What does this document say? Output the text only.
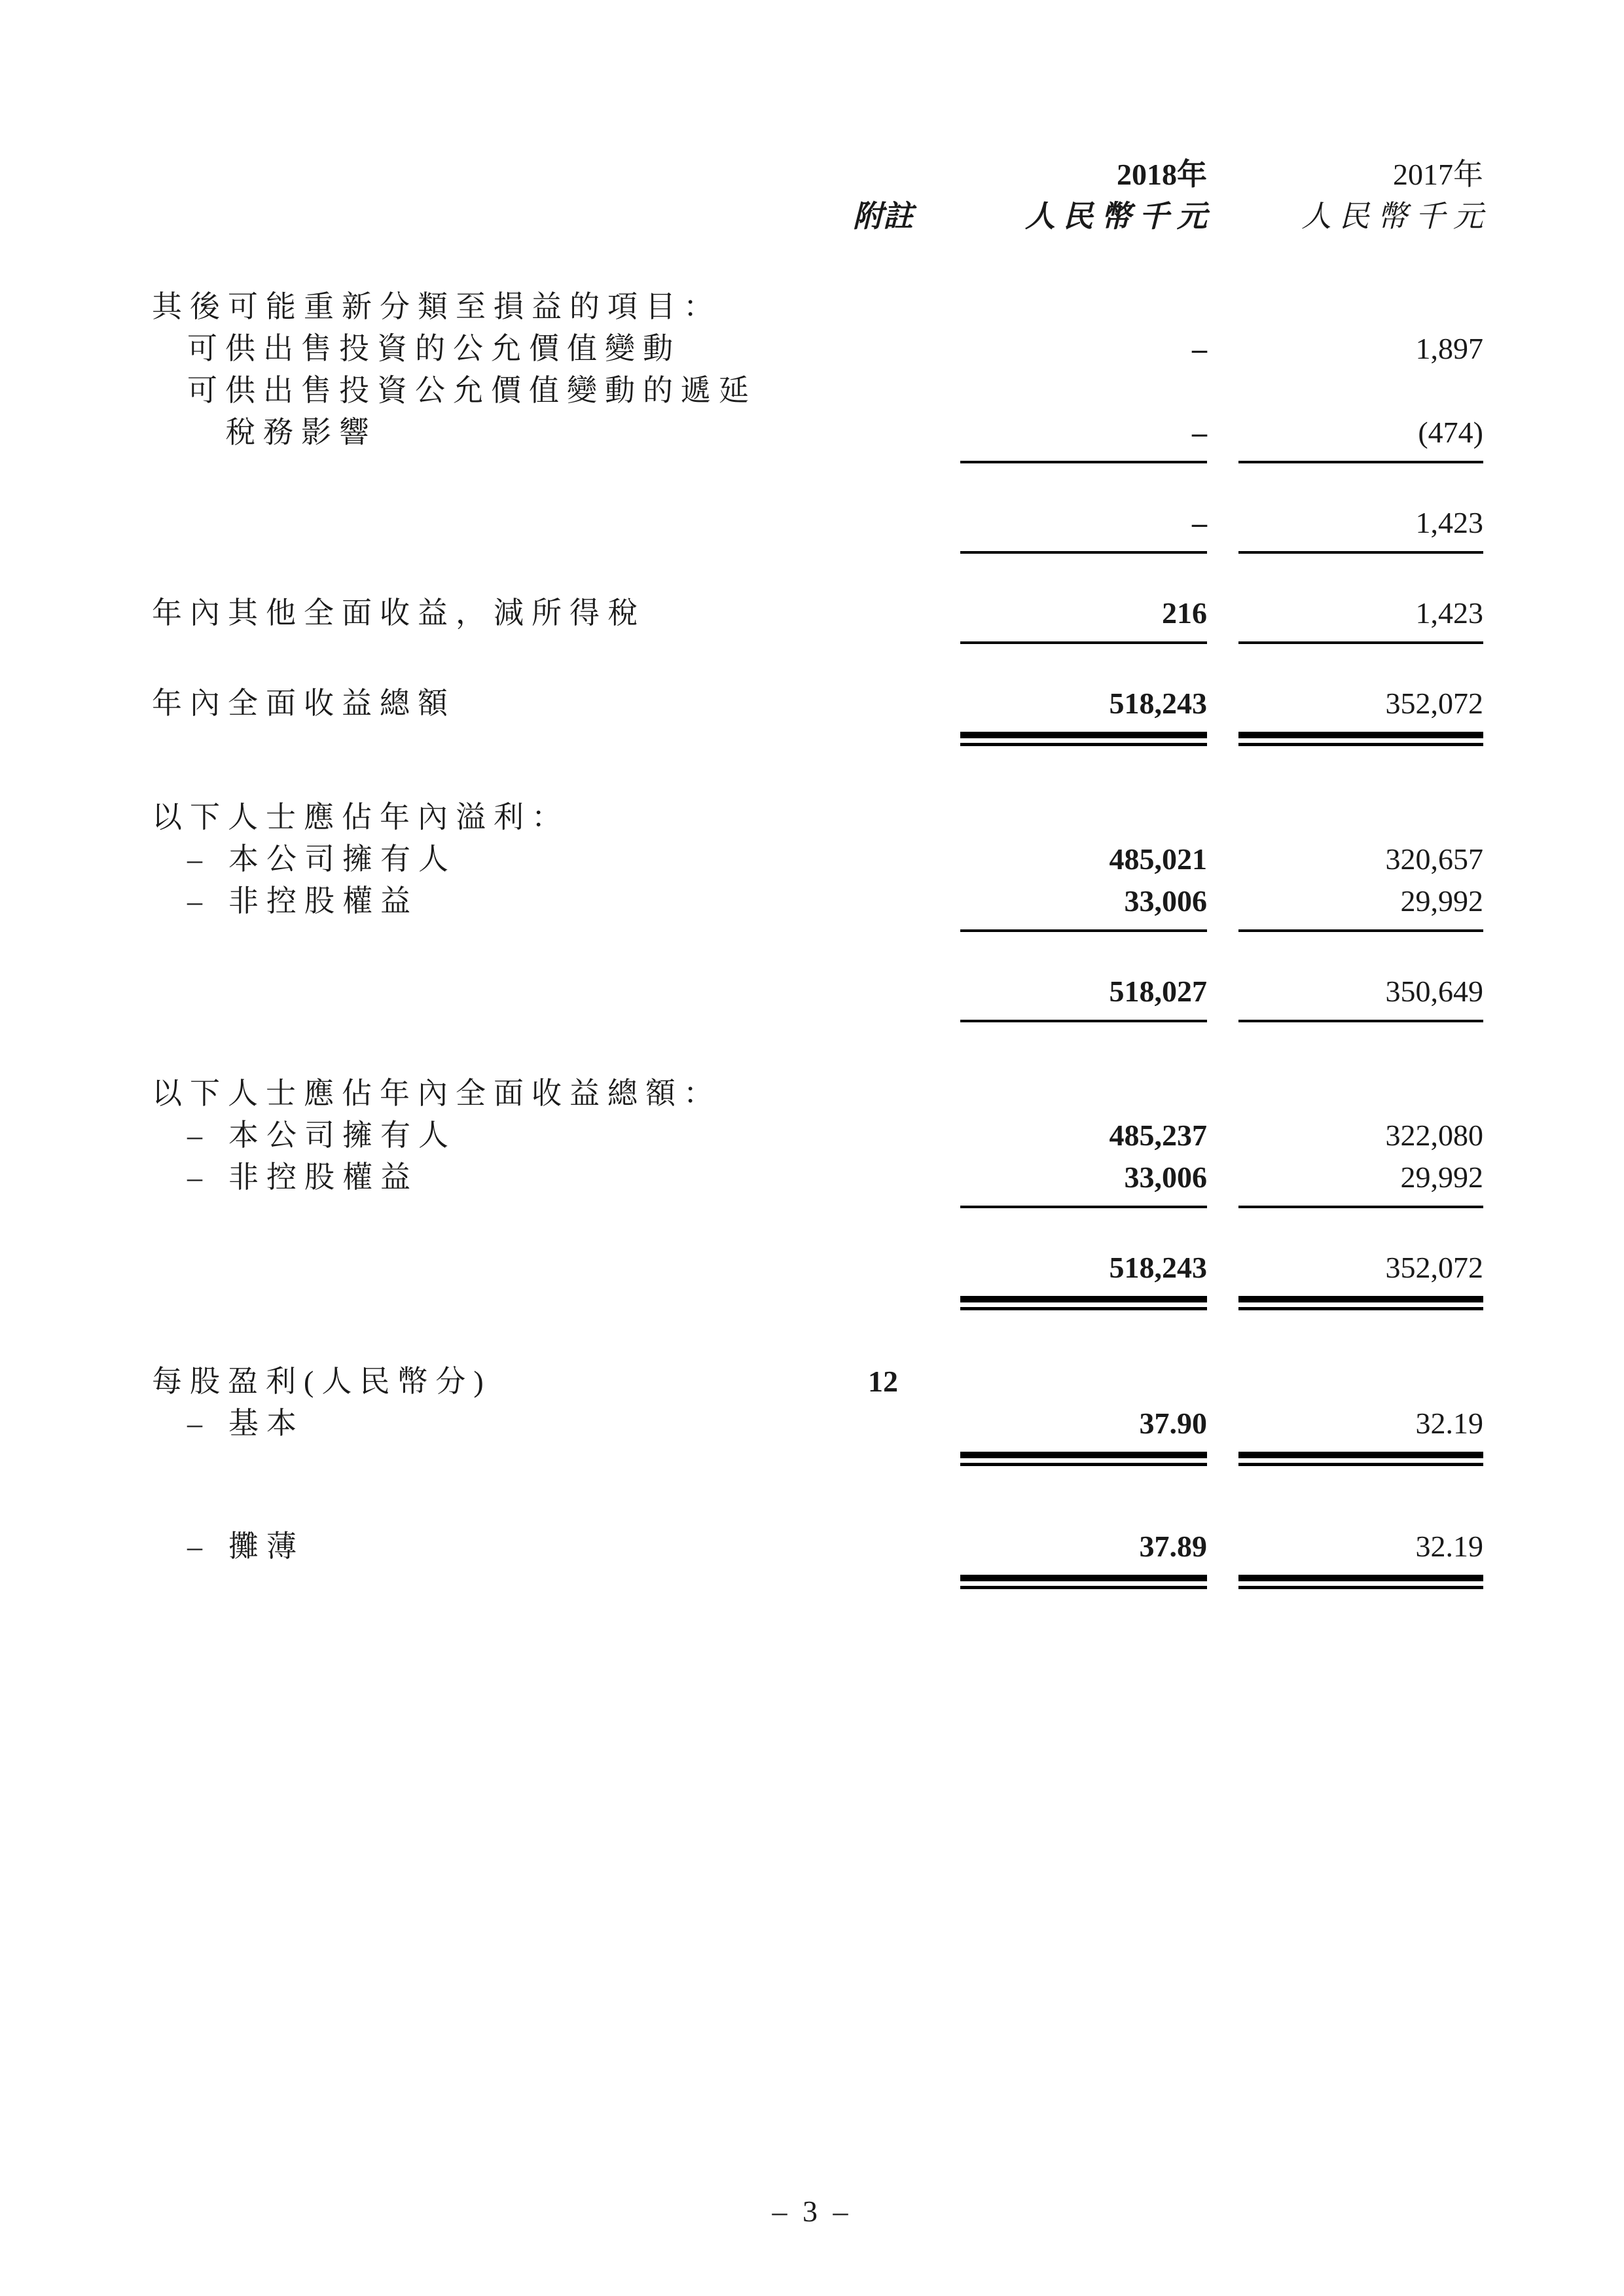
2018年	2017年
附註	人民幣千元	人民幣千元
其後可能重新分類至損益的項目：
可供出售投資的公允價值變動	–	1,897
可供出售投資公允價值變動的遞延
稅務影響	–	(474)
–	1,423
年內其他全面收益，減所得稅	216	1,423
年內全面收益總額	518,243	352,072
以下人士應佔年內溢利：
– 本公司擁有人	485,021	320,657
– 非控股權益	33,006	29,992
518,027	350,649
以下人士應佔年內全面收益總額：
– 本公司擁有人	485,237	322,080
– 非控股權益	33,006	29,992
518,243	352,072
每股盈利(人民幣分)	12
– 基本	37.90	32.19
– 攤薄	37.89	32.19
– 3 –
